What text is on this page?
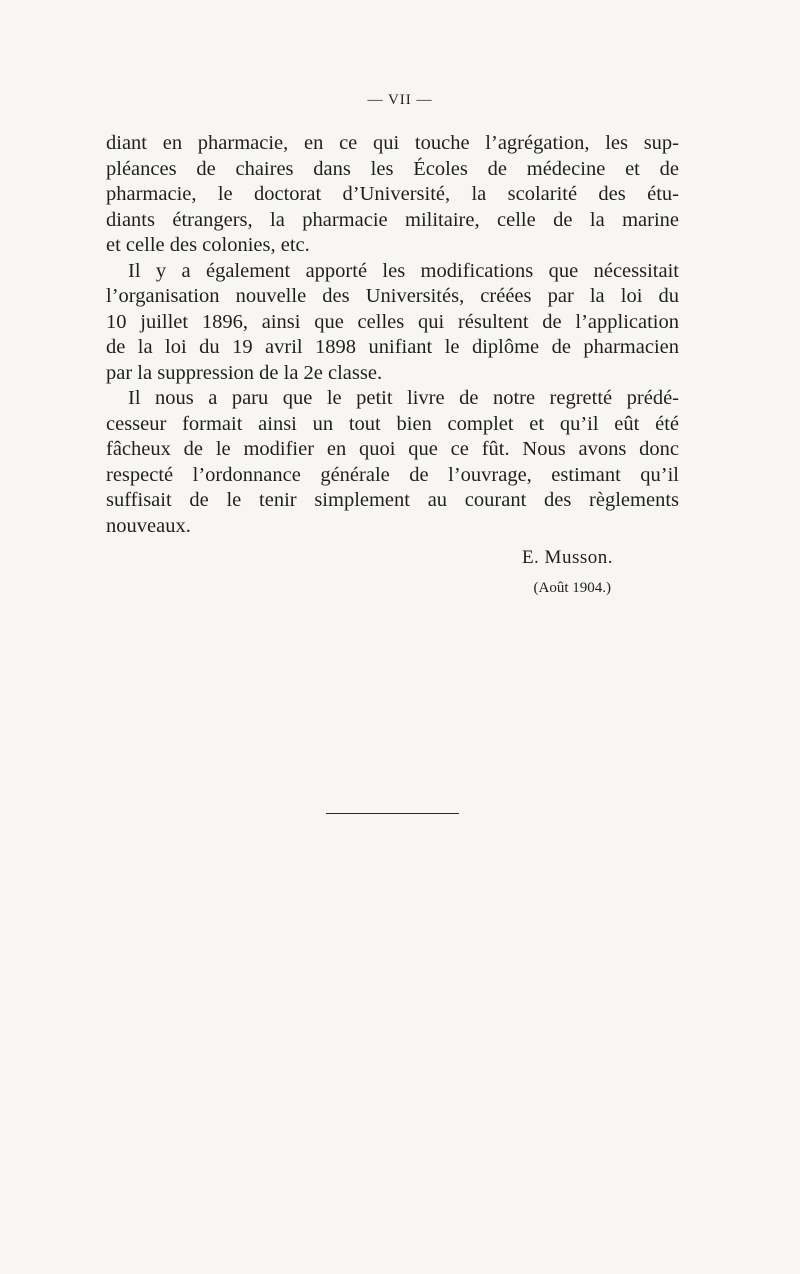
— VII —
diant en pharmacie, en ce qui touche l’agrégation, les sup-
pléances de chaires dans les Écoles de médecine et de
pharmacie, le doctorat d’Université, la scolarité des étu-
diants étrangers, la pharmacie militaire, celle de la marine
et celle des colonies, etc.
Il y a également apporté les modifications que nécessitait
l’organisation nouvelle des Universités, créées par la loi du
10 juillet 1896, ainsi que celles qui résultent de l’application
de la loi du 19 avril 1898 unifiant le diplôme de pharmacien
par la suppression de la 2e classe.
Il nous a paru que le petit livre de notre regretté prédé-
cesseur formait ainsi un tout bien complet et qu’il eût été
fâcheux de le modifier en quoi que ce fût. Nous avons donc
respecté l’ordonnance générale de l’ouvrage, estimant qu’il
suffisait de le tenir simplement au courant des règlements
nouveaux.
E. Musson.
(Août 1904.)
